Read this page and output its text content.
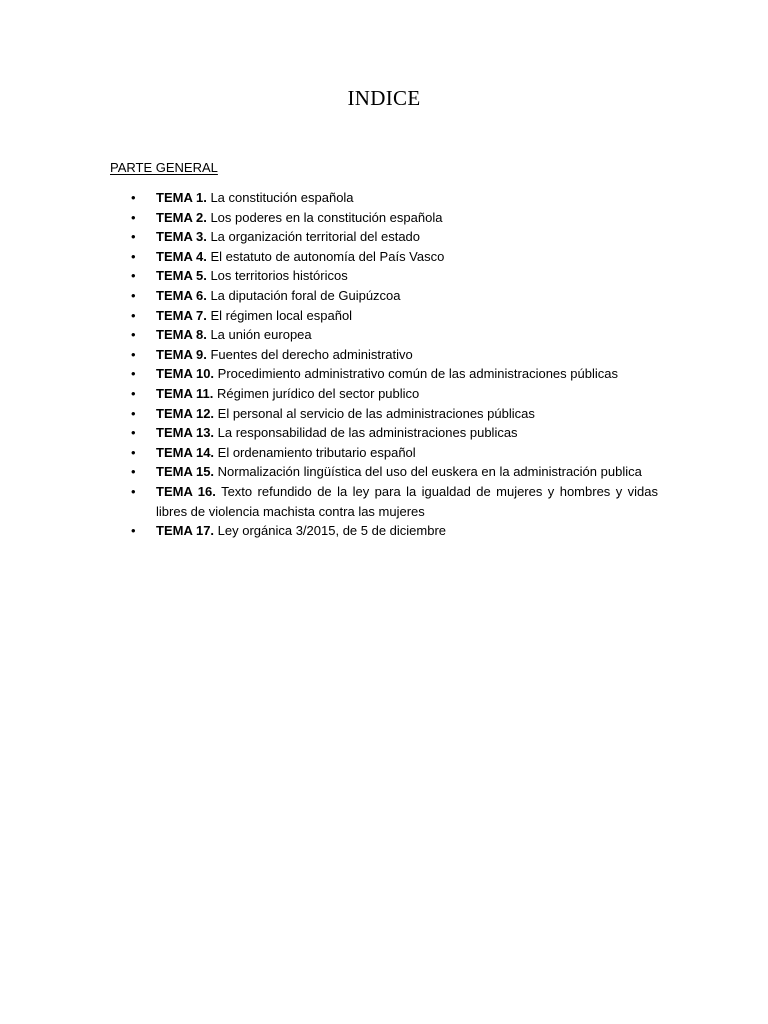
INDICE
PARTE GENERAL
• TEMA 1. La constitución española
• TEMA 2. Los poderes en la constitución española
• TEMA 3. La organización territorial del estado
• TEMA 4. El estatuto de autonomía del País Vasco
• TEMA 5. Los territorios históricos
• TEMA 6. La diputación foral de Guipúzcoa
• TEMA 7. El régimen local español
• TEMA 8. La unión europea
• TEMA 9. Fuentes del derecho administrativo
• TEMA 10. Procedimiento administrativo común de las administraciones públicas
• TEMA 11. Régimen jurídico del sector publico
• TEMA 12. El personal al servicio de las administraciones públicas
• TEMA 13. La responsabilidad de las administraciones publicas
• TEMA 14. El ordenamiento tributario español
• TEMA 15. Normalización lingüística del uso del euskera en la administración publica
• TEMA 16. Texto refundido de la ley para la igualdad de mujeres y hombres y vidas libres de violencia machista contra las mujeres
• TEMA 17. Ley orgánica 3/2015, de 5 de diciembre
